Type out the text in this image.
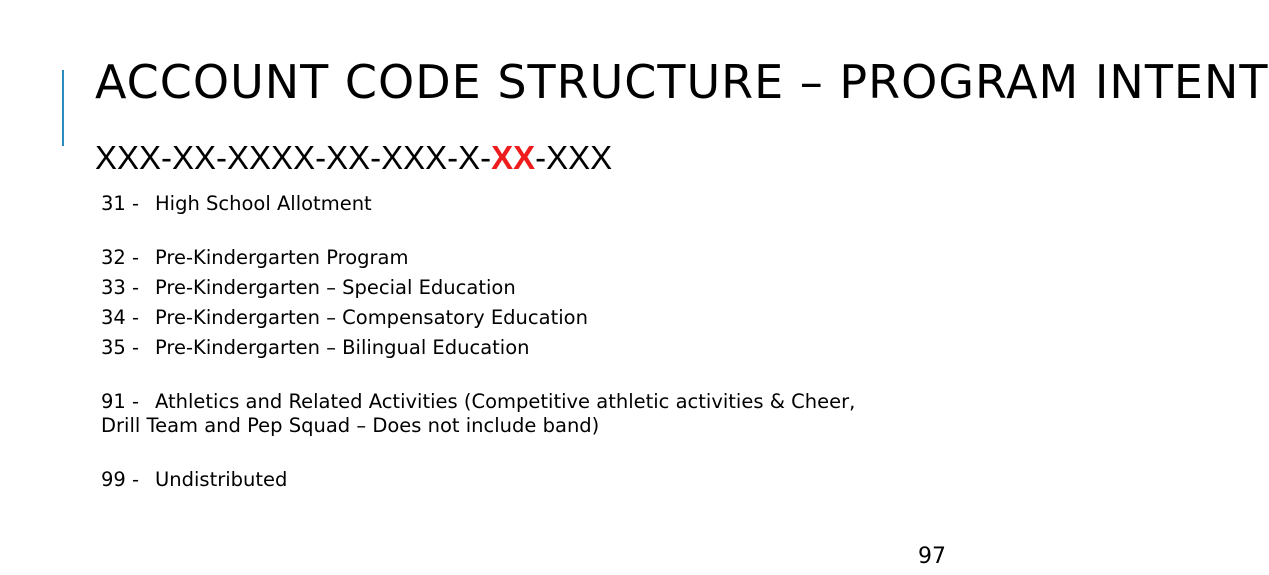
ACCOUNT CODE STRUCTURE – PROGRAM INTENT
XXX-XX-XXXX-XX-XXX-X-XX-XXX
31 - High School Allotment
32 - Pre-Kindergarten Program
33 - Pre-Kindergarten – Special Education
34 - Pre-Kindergarten – Compensatory Education
35 - Pre-Kindergarten – Bilingual Education
91 - Athletics and Related Activities (Competitive athletic activities & Cheer, Drill Team and Pep Squad – Does not include band)
99 - Undistributed
97
